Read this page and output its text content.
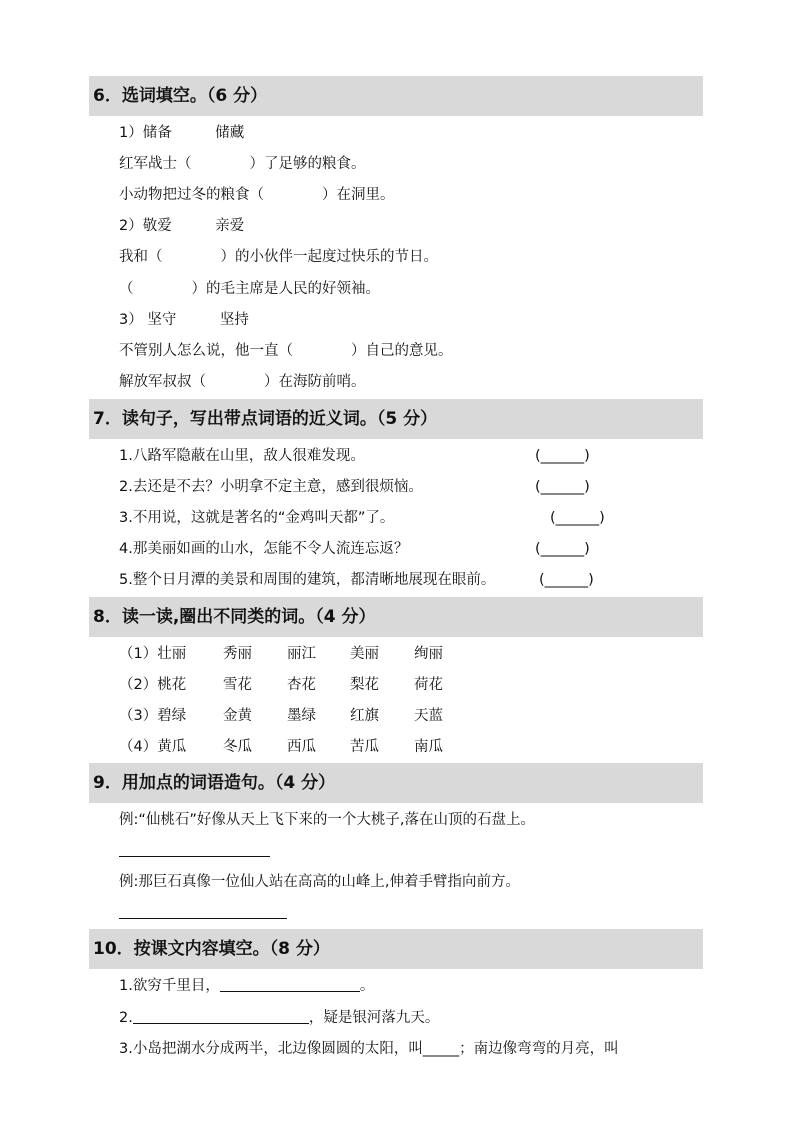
6．选词填空。（6 分）
1）储备　　　储藏
红军战士（　　　　）了足够的粮食。
小动物把过冬的粮食（　　　　）在洞里。
2）敬爱　　　亲爱
我和（　　　　）的小伙伴一起度过快乐的节日。
（　　　　）的毛主席是人民的好领袖。
3） 坚守　　　坚持
不管别人怎么说，他一直（　　　　）自己的意见。
解放军叔叔（　　　　）在海防前哨。
7．读句子，写出带点词语的近义词。（5 分）
1.八路军隐蔽在山里，敌人很难发现。	(______)
2.去还是不去？小明拿不定主意，感到很烦恼。	(______)
3.不用说，这就是著名的“金鸡叫天都”了。	(______)
4.那美丽如画的山水，怎能不令人流连忘返？	(______)
5.整个日月潭的美景和周围的建筑，都清晰地展现在眼前。	(______)
8．读一读,圈出不同类的词。（4 分）
（1）壮丽	秀丽 丽江 美丽 绚丽
（2）桃花	雪花 杏花 梨花 荷花
（3）碧绿	金黄 墨绿 红旗 天蓝
（4）黄瓜	冬瓜 西瓜 苦瓜 南瓜
9．用加点的词语造句。（4 分）
例:“仙桃石”好像从天上飞下来的一个大桃子,落在山顶的石盘上。
例:那巨石真像一位仙人站在高高的山峰上,伸着手臂指向前方。
10．按课文内容填空。（8 分）
1.欲穷千里目，	。
2.	，疑是银河落九天。
3.小岛把湖水分成两半，北边像圆圆的太阳，叫_____；南边像弯弯的月亮，叫
